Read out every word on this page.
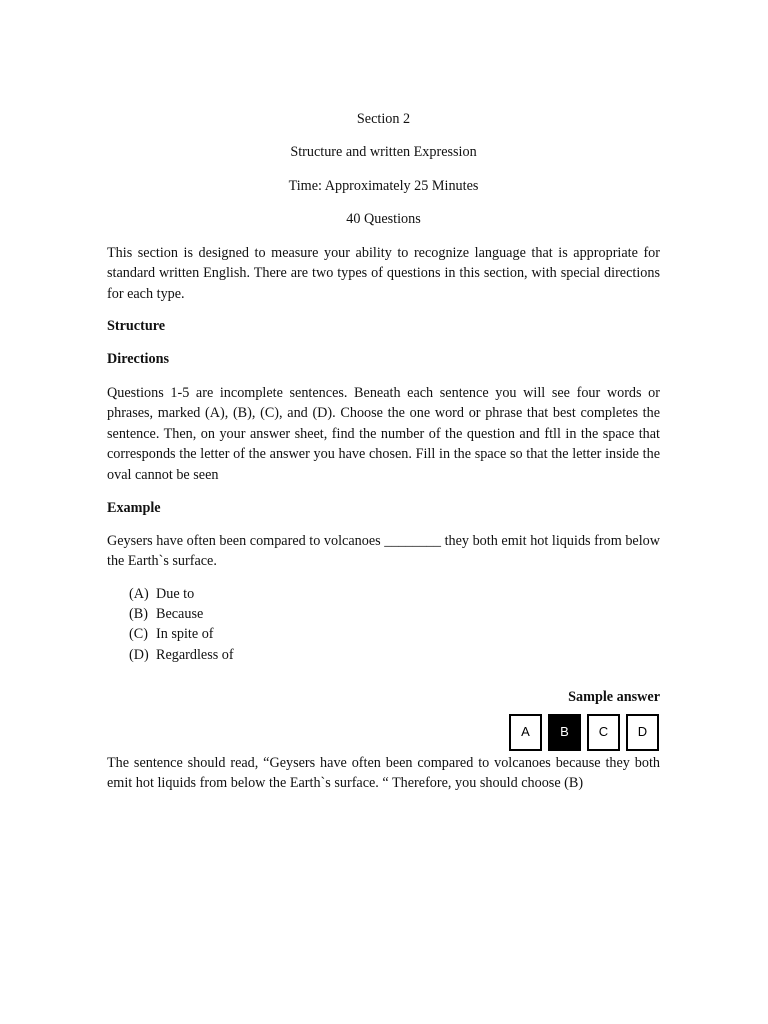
Section 2
Structure and written Expression
Time: Approximately 25 Minutes
40 Questions

This section is designed to measure your ability to recognize language that is appropriate for standard written English. There are two types of questions in this section, with special directions for each type.

Structure
Directions

Questions 1-5 are incomplete sentences. Beneath each sentence you will see four words or phrases, marked (A), (B), (C), and (D). Choose the one word or phrase that best completes the sentence. Then, on your answer sheet, find the number of the question and ftll in the space that corresponds the letter of the answer you have chosen. Fill in the space so that the letter inside the oval cannot be seen

Example

Geysers have often been compared to volcanoes ________ they both emit hot liquids from below the Earth`s surface.

(A) Due to
(B) Because
(C) In spite of
(D) Regardless of
Sample answer
A	B	C	D

The sentence should read, “Geysers have often been compared to volcanoes because they both emit hot liquids from below the Earth`s surface. “ Therefore, you should choose (B)
